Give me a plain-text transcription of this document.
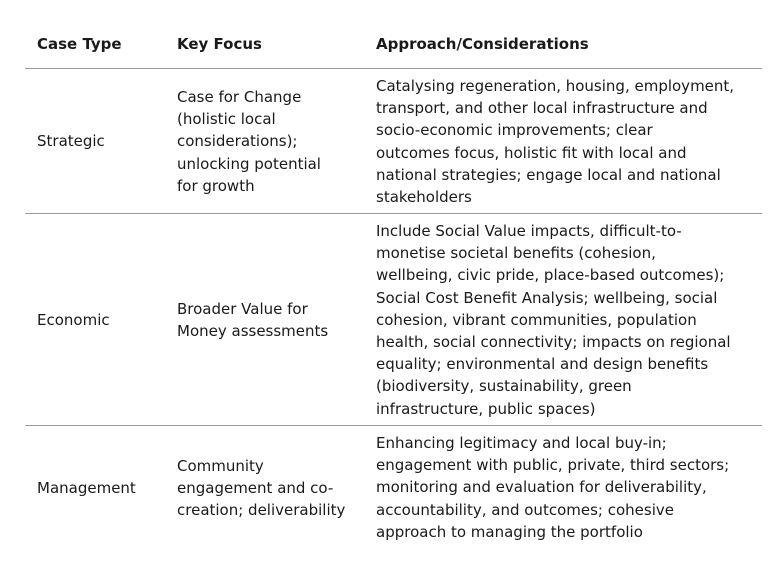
Case Type	Key Focus	Approach/Considerations
Strategic
Case for Change
(holistic local
considerations);
unlocking potential
for growth
Catalysing regeneration, housing, employment,
transport, and other local infrastructure and
socio-economic improvements; clear
outcomes focus, holistic fit with local and
national strategies; engage local and national
stakeholders
Economic
Broader Value for
Money assessments
Include Social Value impacts, difficult-to-
monetise societal benefits (cohesion,
wellbeing, civic pride, place-based outcomes);
Social Cost Benefit Analysis; wellbeing, social
cohesion, vibrant communities, population
health, social connectivity; impacts on regional
equality; environmental and design benefits
(biodiversity, sustainability, green
infrastructure, public spaces)
Management
Community
engagement and co-
creation; deliverability
Enhancing legitimacy and local buy-in;
engagement with public, private, third sectors;
monitoring and evaluation for deliverability,
accountability, and outcomes; cohesive
approach to managing the portfolio
